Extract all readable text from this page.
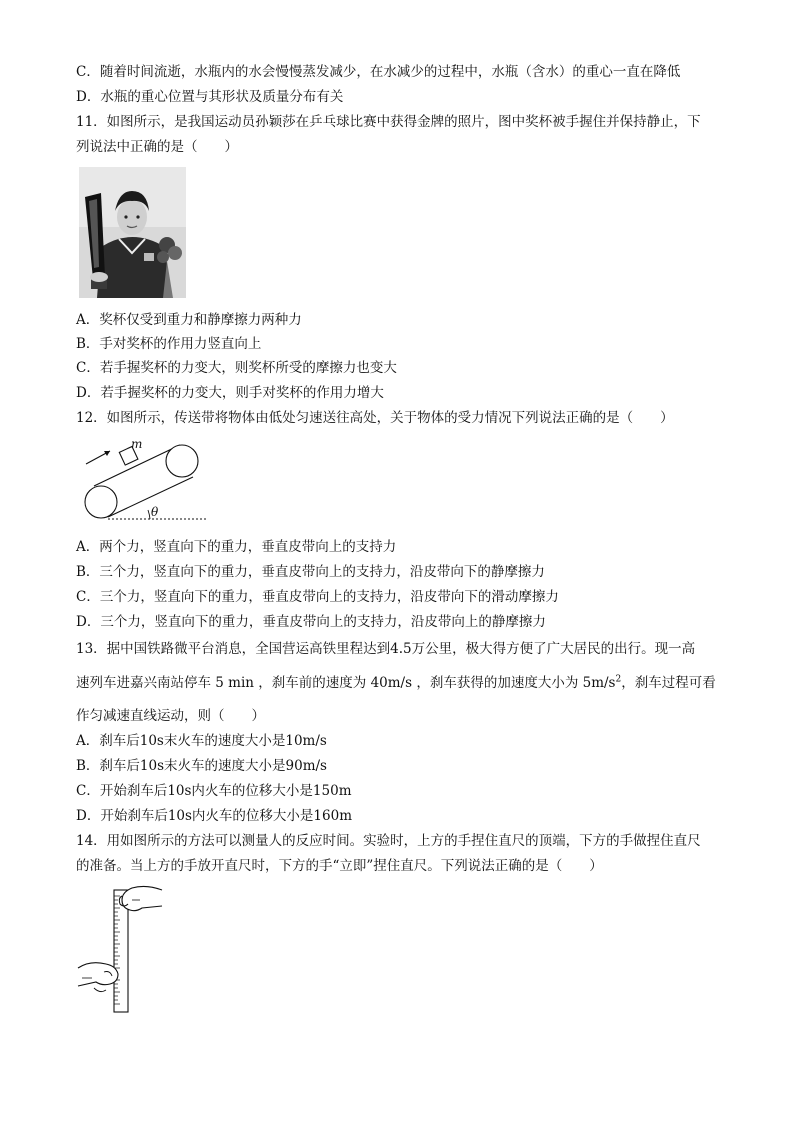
C．随着时间流逝，水瓶内的水会慢慢蒸发减少，在水减少的过程中，水瓶（含水）的重心一直在降低
D．水瓶的重心位置与其形状及质量分布有关
11．如图所示，是我国运动员孙颖莎在乒乓球比赛中获得金牌的照片，图中奖杯被手握住并保持静止，下
列说法中正确的是（　　）
A．奖杯仅受到重力和静摩擦力两种力
B．手对奖杯的作用力竖直向上
C．若手握奖杯的力变大，则奖杯所受的摩擦力也变大
D．若手握奖杯的力变大，则手对奖杯的作用力增大
12．如图所示，传送带将物体由低处匀速送往高处，关于物体的受力情况下列说法正确的是（　　）
m
θ
A．两个力，竖直向下的重力，垂直皮带向上的支持力
B．三个力，竖直向下的重力，垂直皮带向上的支持力，沿皮带向下的静摩擦力
C．三个力，竖直向下的重力，垂直皮带向上的支持力，沿皮带向下的滑动摩擦力
D．三个力，竖直向下的重力，垂直皮带向上的支持力，沿皮带向上的静摩擦力
13．据中国铁路微平台消息，全国营运高铁里程达到4.5万公里，极大得方便了广大居民的出行。现一高
速列车进嘉兴南站停车 5 min ，刹车前的速度为 40m/s ，刹车获得的加速度大小为 $5m/s^2$，刹车过程可看
作匀减速直线运动，则（　　）
A．刹车后10s末火车的速度大小是10m/s
B．刹车后10s末火车的速度大小是90m/s
C．开始刹车后10s内火车的位移大小是150m
D．开始刹车后10s内火车的位移大小是160m
14．用如图所示的方法可以测量人的反应时间。实验时，上方的手捏住直尺的顶端，下方的手做捏住直尺
的准备。当上方的手放开直尺时，下方的手“立即”捏住直尺。下列说法正确的是（　　）
